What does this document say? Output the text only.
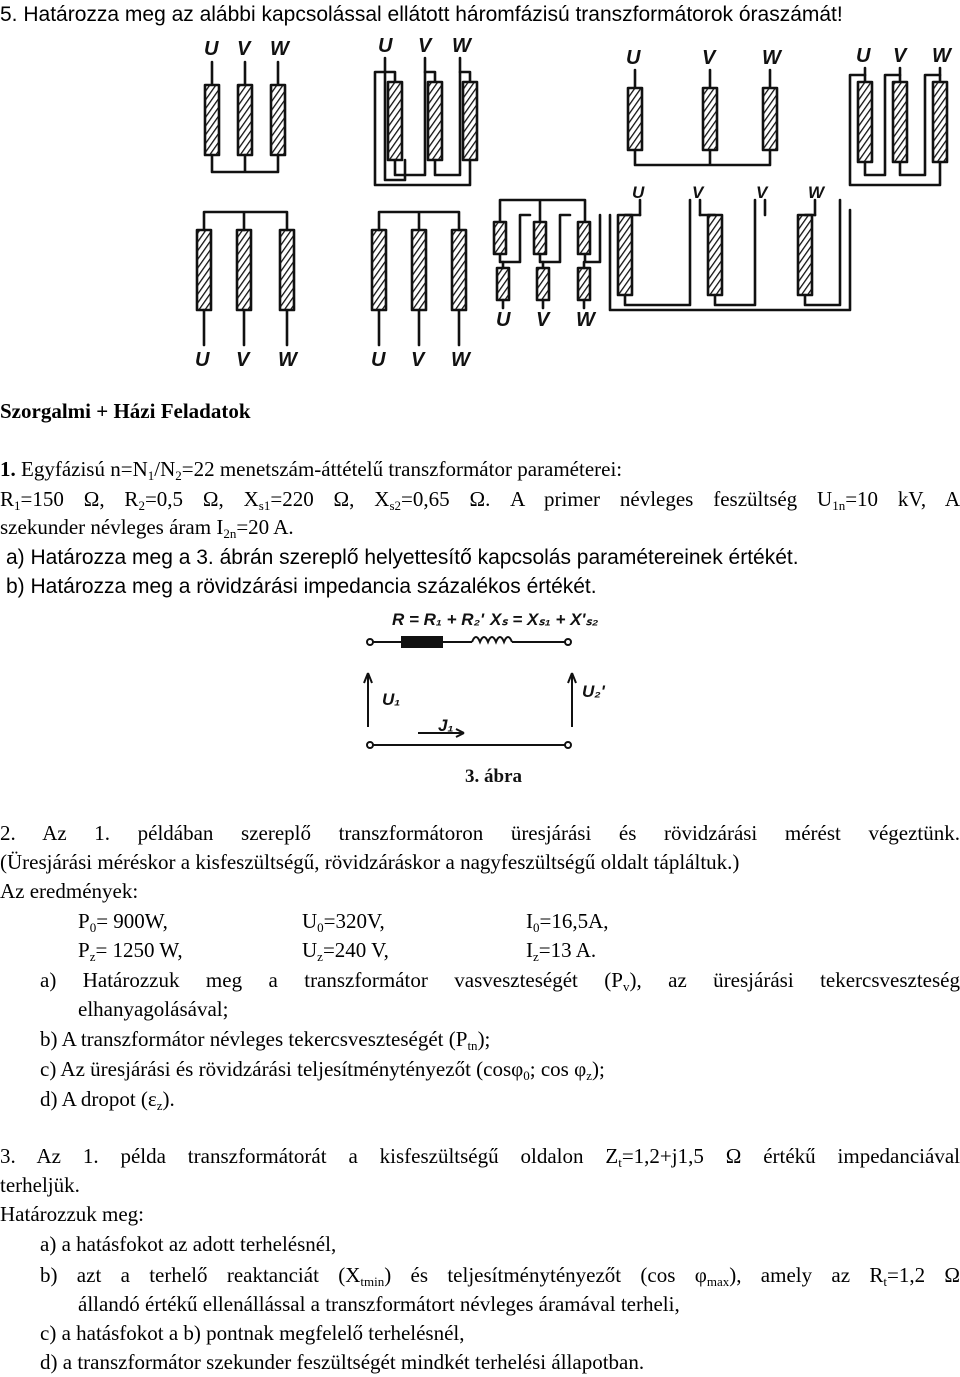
5. Határozza meg az alábbi kapcsolással ellátott háromfázisú transzformátorok óraszámát!
U V W	U V W
U	V W	U V W
U V W	U V W
U V W
U	V	V W
Szorgalmi + Házi Feladatok
1. Egyfázisú $n=N_1/N_2=22$ menetszám-áttételű transzformátor paraméterei:
$R_1=150$ Ω, $R_2=0,5$ Ω, $X_{s1}=220$ Ω, $X_{s2}=0,65$ Ω. A primer névleges feszültség $U_{1n}=10$ kV, A
szekunder névleges áram $I_{2n}=20$ A.
a) Határozza meg a 3. ábrán szereplő helyettesítő kapcsolás paramétereinek értékét.
b) Határozza meg a rövidzárási impedancia százalékos értékét.
R = R₁ + R₂' Xₛ = Xₛ₁ + X'ₛ₂
U₁	U₂'
J₁
3. ábra
2. Az 1. példában szereplő transzformátoron üresjárási és rövidzárási mérést végeztünk.
(Üresjárási méréskor a kisfeszültségű, rövidzáráskor a nagyfeszültségű oldalt tápláltuk.)
Az eredmények:
$P_0= 900W$,	$U_0=320V$,	$I_0=16,5A$,
$P_z= 1250$ W,	$U_z=240$ V,	$I_z=13$ A.
a) Határozzuk meg a transzformátor vasveszteségét $(P_v)$, az üresjárási tekercsveszteség
elhanyagolásával;
b) A transzformátor névleges tekercsveszteségét $(P_{tn})$;
c) Az üresjárási és rövidzárási teljesítménytényezőt (cosφ$_0$; $\cos \varphi_z$);
d) A dropot $(\varepsilon_z)$.
3. Az 1. példa transzformátorát a kisfeszültségű oldalon $Z_t=1,2+j1,5$ Ω értékű impedanciával
terheljük.
Határozzuk meg:
a) a hatásfokot az adott terhelésnél,
b) azt a terhelő reaktanciát $(X_{tmin})$ és teljesítménytényezőt (cos $\varphi_{max}$), amely az $R_t=1,2$ Ω
állandó értékű ellenállással a transzformátort névleges áramával terheli,
c) a hatásfokot a b) pontnak megfelelő terhelésnél,
d) a transzformátor szekunder feszültségét mindkét terhelési állapotban.
